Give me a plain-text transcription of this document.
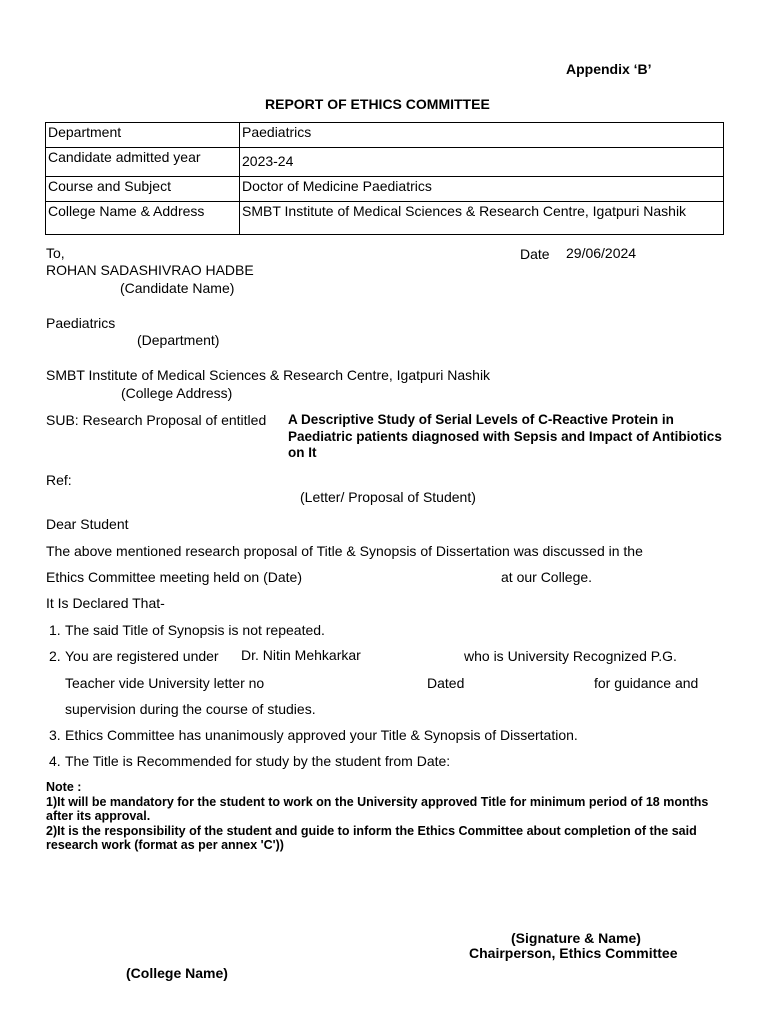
Appendix ‘B’
REPORT OF ETHICS COMMITTEE
Department	Paediatrics
Candidate admitted year	2023-24
Course and Subject	Doctor of Medicine Paediatrics
College Name & Address	SMBT Institute of Medical Sciences & Research Centre, Igatpuri Nashik
To,	Date 29/06/2024
ROHAN SADASHIVRAO HADBE
(Candidate Name)
Paediatrics
(Department)
SMBT Institute of Medical Sciences & Research Centre, Igatpuri Nashik
(College Address)
SUB: Research Proposal of entitled A Descriptive Study of Serial Levels of C-Reactive Protein in Paediatric patients diagnosed with Sepsis and Impact of Antibiotics on It
Ref:
(Letter/ Proposal of Student)
Dear Student
The above mentioned research proposal of Title & Synopsis of Dissertation was discussed in the
Ethics Committee meeting held on (Date)	at our College.
It Is Declared That-
1. The said Title of Synopsis is not repeated.
2. You are registered under Dr. Nitin Mehkarkar	who is University Recognized P.G.
Teacher vide University letter no	Dated	for guidance and
supervision during the course of studies.
3. Ethics Committee has unanimously approved your Title & Synopsis of Dissertation.
4. The Title is Recommended for study by the student from Date:
Note :
1)It will be mandatory for the student to work on the University approved Title for minimum period of 18 months after its approval.
2)It is the responsibility of the student and guide to inform the Ethics Committee about completion of the said research work (format as per annex 'C'))
(Signature & Name)
Chairperson, Ethics Committee
(College Name)
